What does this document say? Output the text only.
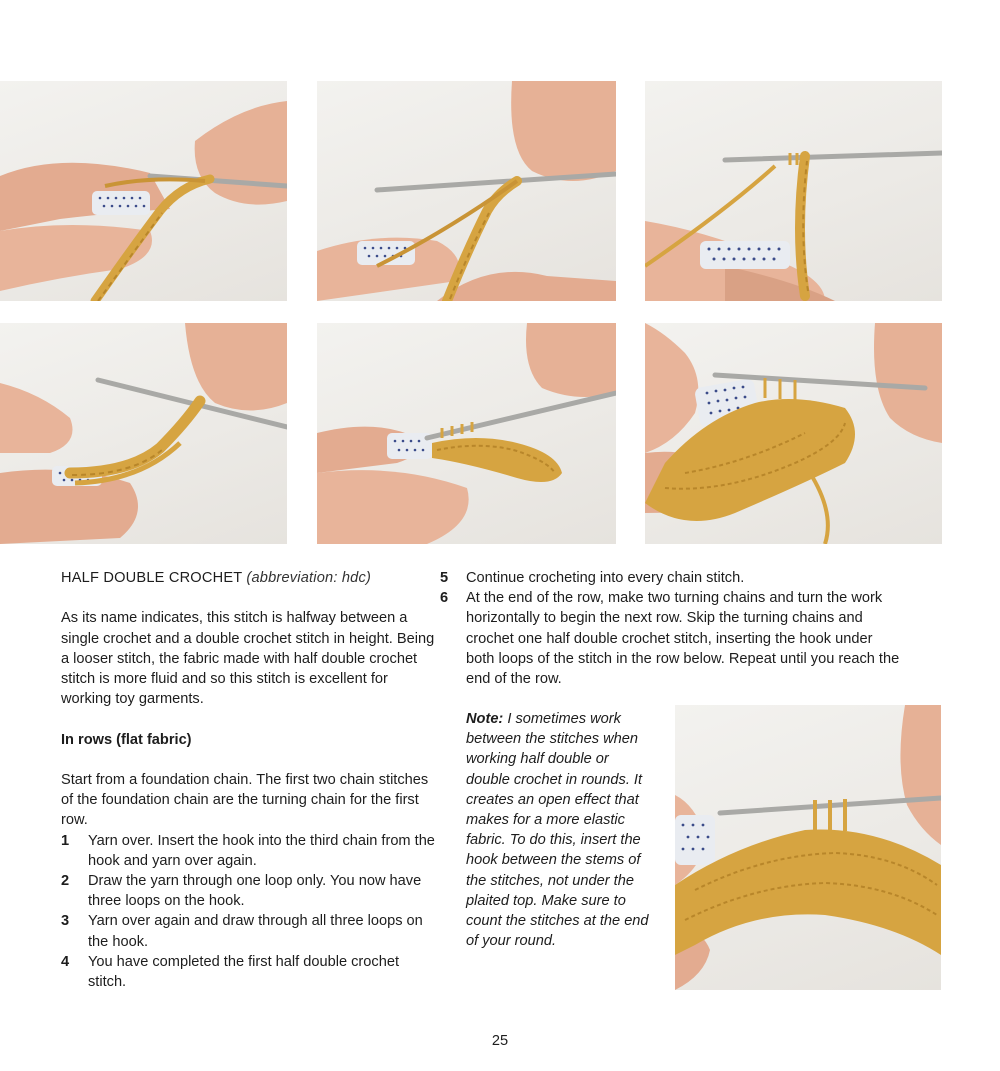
HALF DOUBLE CROCHET (abbreviation: hdc)

As its name indicates, this stitch is halfway between a single crochet and a double crochet stitch in height. Being a looser stitch, the fabric made with half double crochet stitch is more fluid and so this stitch is excellent for working toy garments.

In rows (flat fabric)

Start from a foundation chain. The first two chain stitches of the foundation chain are the turning chain for the first row.

1 Yarn over. Insert the hook into the third chain from the hook and yarn over again.
2 Draw the yarn through one loop only. You now have three loops on the hook.
3 Yarn over again and draw through all three loops on the hook.
4 You have completed the first half double crochet stitch.
5 Continue crocheting into every chain stitch.
6 At the end of the row, make two turning chains and turn the work horizontally to begin the next row. Skip the turning chains and crochet one half double crochet stitch, inserting the hook under both loops of the stitch in the row below. Repeat until you reach the end of the row.
Note: I sometimes work between the stitches when working half double or double crochet in rounds. It creates an open effect that makes for a more elastic fabric. To do this, insert the hook between the stems of the stitches, not under the plaited top. Make sure to count the stitches at the end of your round.
25
